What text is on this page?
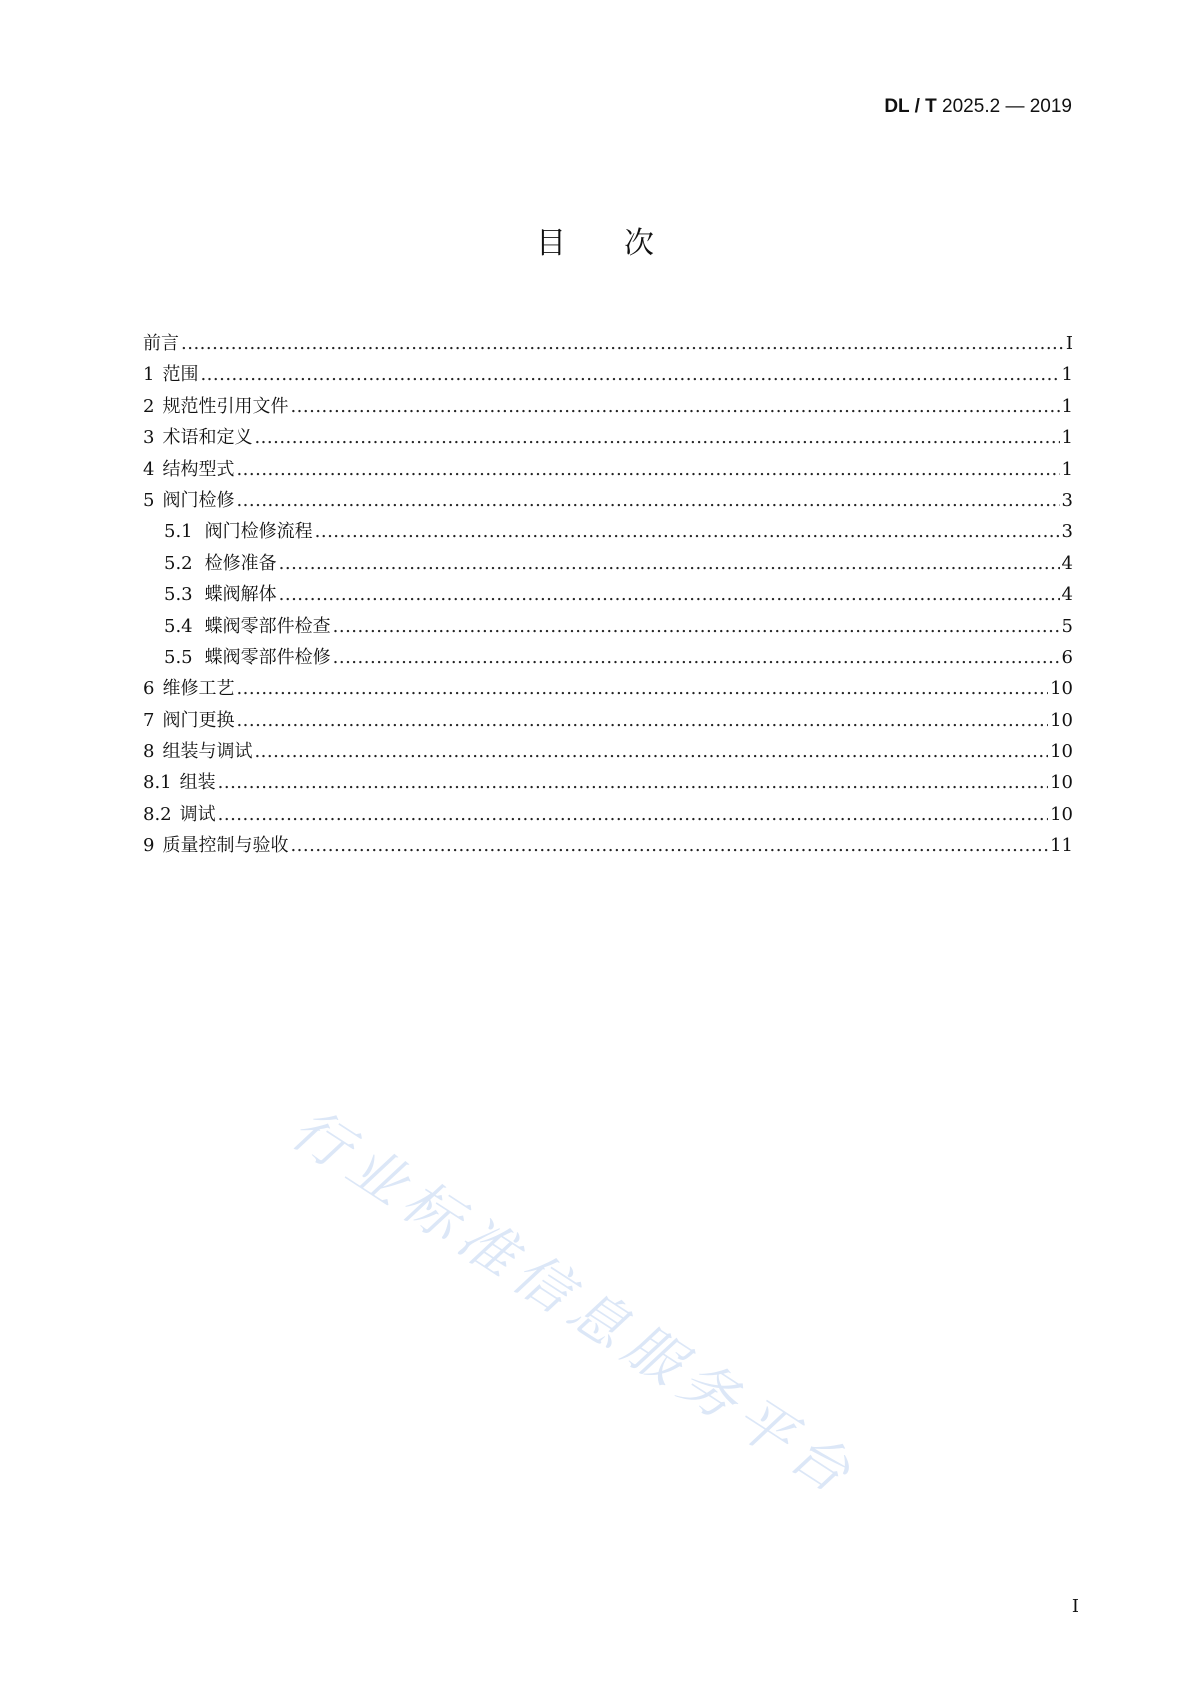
DL / T 2025.2 — 2019
目次
前言 .....	I
1 范围 .....	1
2 规范性引用文件 .....	1
3 术语和定义 .....	1
4 结构型式 .....	1
5 阀门检修 .....	3
5.1 阀门检修流程 .....	3
5.2 检修准备 .....	4
5.3 蝶阀解体 .....	4
5.4 蝶阀零部件检查 .....	5
5.5 蝶阀零部件检修 .....	6
6 维修工艺 .....	10
7 阀门更换 .....	10
8 组装与调试 .....	10
8.1 组装 .....	10
8.2 调试 .....	10
9 质量控制与验收 .....	11
行业标准信息服务平台
I
